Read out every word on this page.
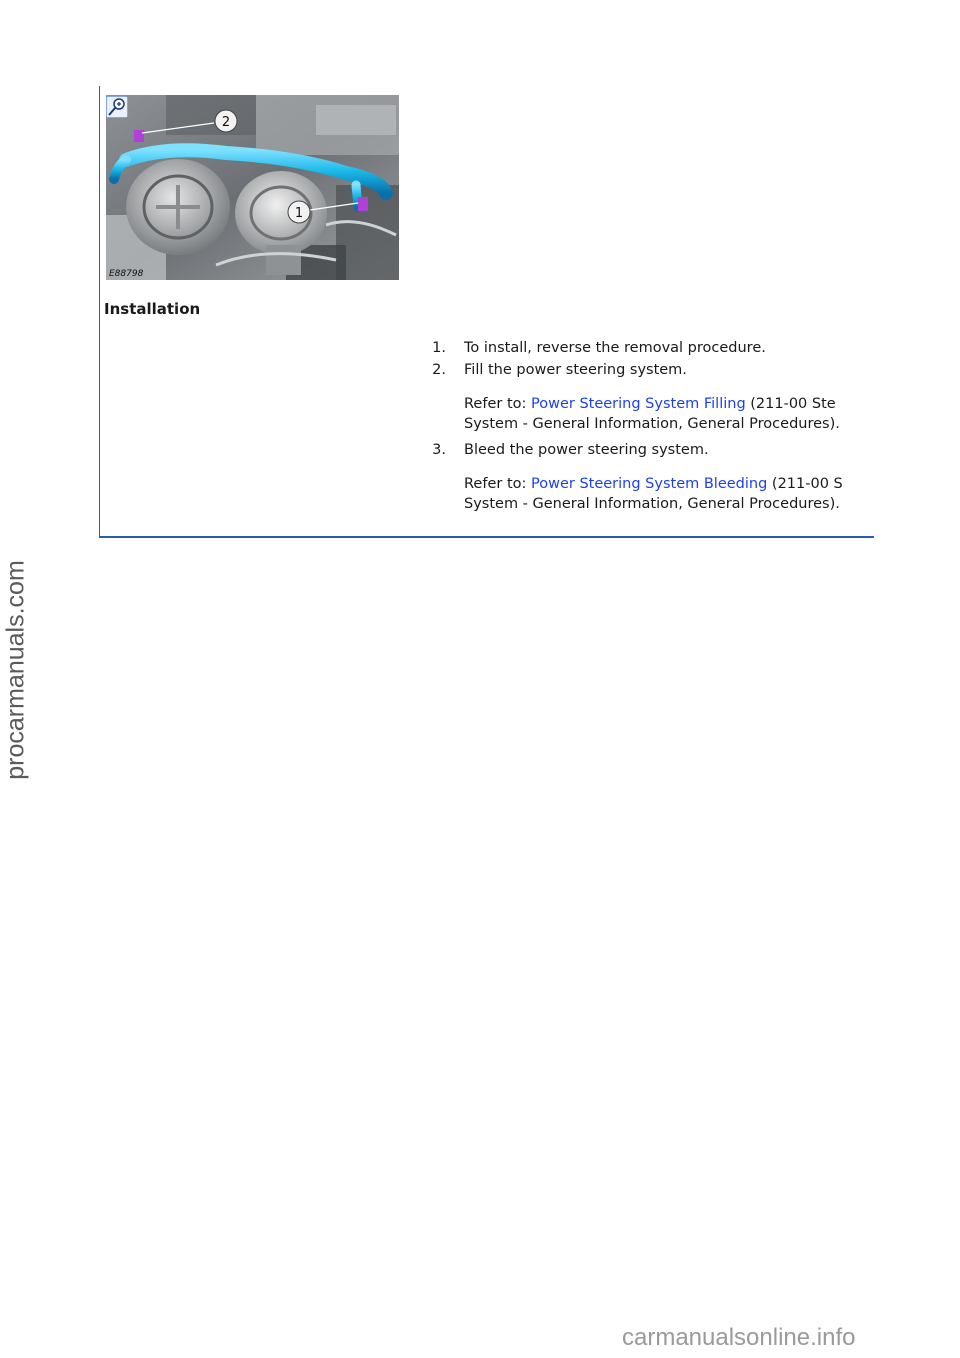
2
1
E88798
Installation
1. To install, reverse the removal procedure.
2. Fill the power steering system.
Refer to: Power Steering System Filling (211-00 Ste
System - General Information, General Procedures).
3. Bleed the power steering system.
Refer to: Power Steering System Bleeding (211-00 S
System - General Information, General Procedures).
procarmanuals.com
carmanualsonline.info
